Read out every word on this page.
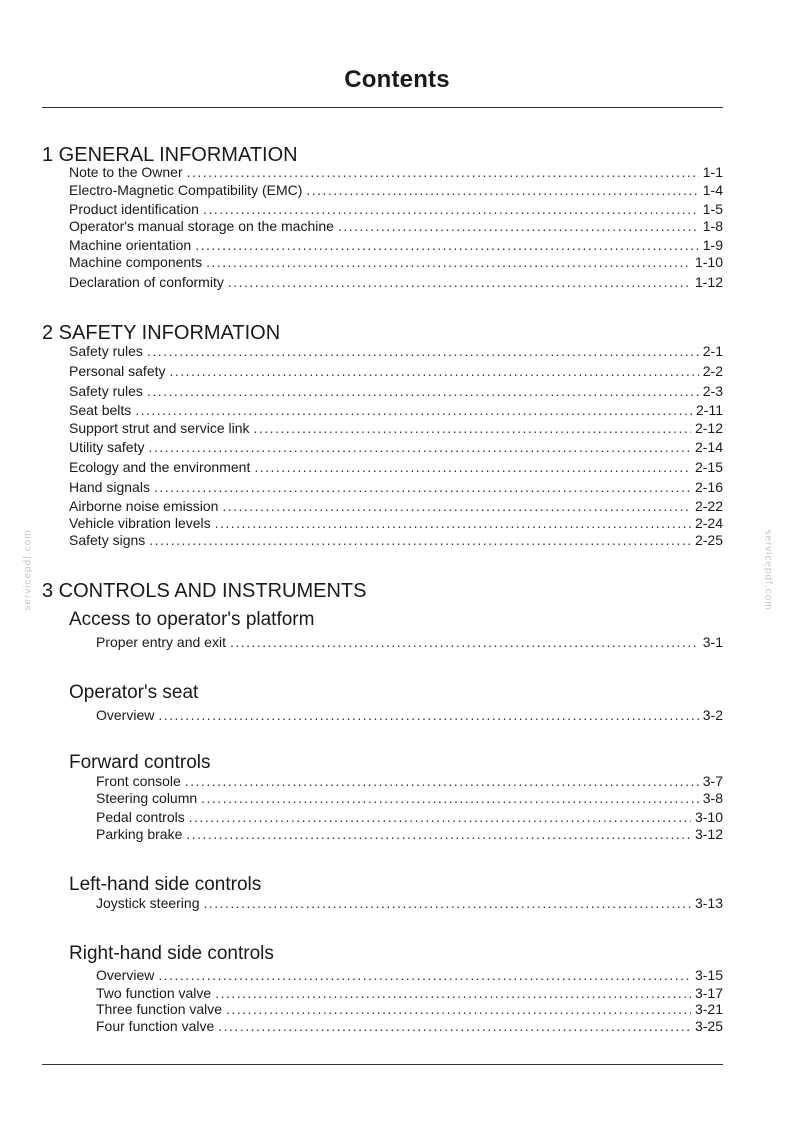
Contents
1 GENERAL INFORMATION
Note to the Owner . . .	1-1
Electro-Magnetic Compatibility (EMC) . . .	1-4
Product identification . . .	1-5
Operator's manual storage on the machine . . .	1-8
Machine orientation . . .	1-9
Machine components . . .	1-10
Declaration of conformity . . .	1-12
2 SAFETY INFORMATION
Safety rules . . .	2-1
Personal safety . . .	2-2
Safety rules . . .	2-3
Seat belts . . .	2-11
Support strut and service link . . .	2-12
Utility safety . . .	2-14
Ecology and the environment . . .	2-15
Hand signals . . .	2-16
Airborne noise emission . . .	2-22
Vehicle vibration levels . . .	2-24
Safety signs . . .	2-25
3 CONTROLS AND INSTRUMENTS
Access to operator's platform
Proper entry and exit . . .	3-1
Operator's seat
Overview . . .	3-2
Forward controls
Front console . . .	3-7
Steering column . . .	3-8
Pedal controls . . .	3-10
Parking brake . . .	3-12
Left-hand side controls
Joystick steering . . .	3-13
Right-hand side controls
Overview . . .	3-15
Two function valve . . .	3-17
Three function valve . . .	3-21
Four function valve . . .	3-25
servicepdf.com	servicepdf.com
